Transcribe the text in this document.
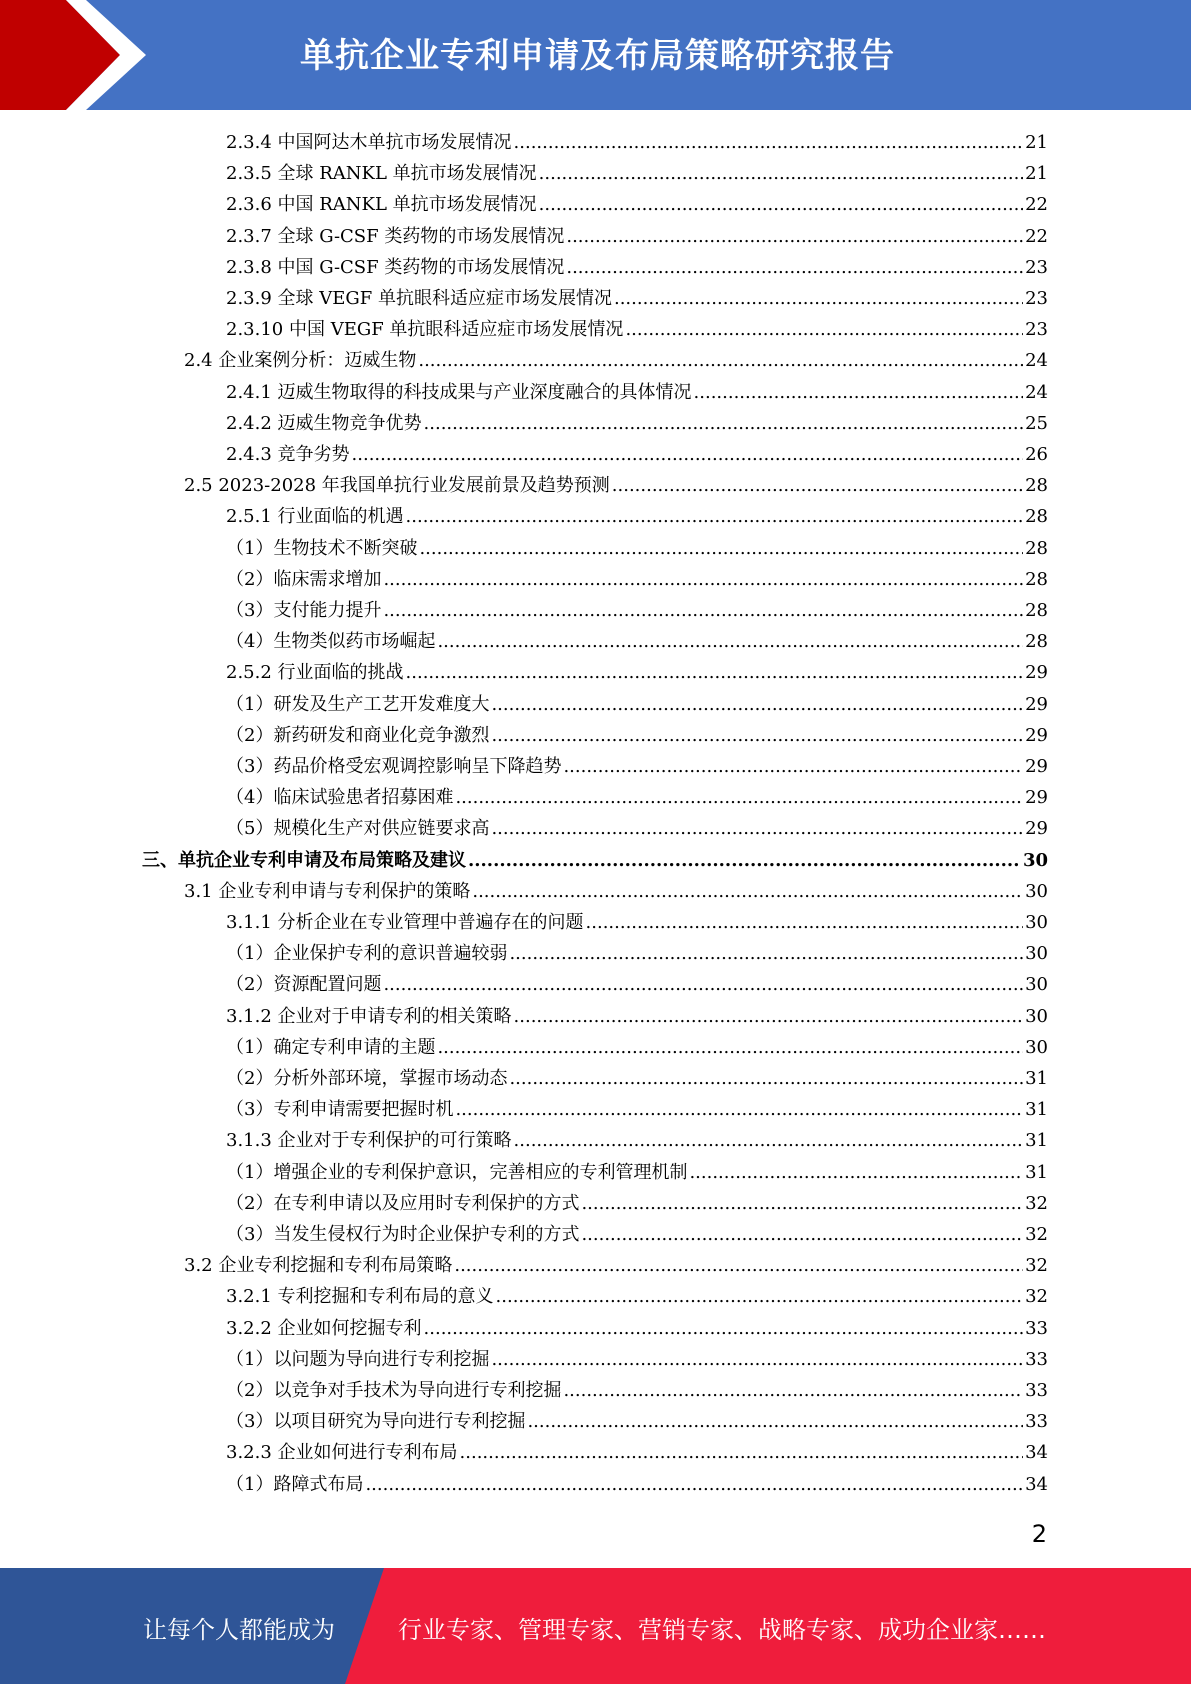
单抗企业专利申请及布局策略研究报告
2.3.4 中国阿达木单抗市场发展情况 .....	21
2.3.5 全球 RANKL 单抗市场发展情况 .....	21
2.3.6 中国 RANKL 单抗市场发展情况 .....	22
2.3.7 全球 G-CSF 类药物的市场发展情况 .....	22
2.3.8 中国 G-CSF 类药物的市场发展情况 .....	23
2.3.9 全球 VEGF 单抗眼科适应症市场发展情况 .....	23
2.3.10 中国 VEGF 单抗眼科适应症市场发展情况 .....	23
2.4 企业案例分析：迈威生物 .....	24
2.4.1 迈威生物取得的科技成果与产业深度融合的具体情况 .....	24
2.4.2 迈威生物竞争优势 .....	25
2.4.3 竞争劣势 .....	26
2.5 2023-2028 年我国单抗行业发展前景及趋势预测 .....	28
2.5.1 行业面临的机遇 .....	28
（1）生物技术不断突破 .....	28
（2）临床需求增加 .....	28
（3）支付能力提升 .....	28
（4）生物类似药市场崛起 .....	28
2.5.2 行业面临的挑战 .....	29
（1）研发及生产工艺开发难度大 .....	29
（2）新药研发和商业化竞争激烈 .....	29
（3）药品价格受宏观调控影响呈下降趋势 .....	29
（4）临床试验患者招募困难 .....	29
（5）规模化生产对供应链要求高 .....	29
三、单抗企业专利申请及布局策略及建议 .....	30
3.1 企业专利申请与专利保护的策略 .....	30
3.1.1 分析企业在专业管理中普遍存在的问题 .....	30
（1）企业保护专利的意识普遍较弱 .....	30
（2）资源配置问题 .....	30
3.1.2 企业对于申请专利的相关策略 .....	30
（1）确定专利申请的主题 .....	30
（2）分析外部环境，掌握市场动态 .....	31
（3）专利申请需要把握时机 .....	31
3.1.3 企业对于专利保护的可行策略 .....	31
（1）增强企业的专利保护意识，完善相应的专利管理机制 .....	31
（2）在专利申请以及应用时专利保护的方式 .....	32
（3）当发生侵权行为时企业保护专利的方式 .....	32
3.2 企业专利挖掘和专利布局策略 .....	32
3.2.1 专利挖掘和专利布局的意义 .....	32
3.2.2 企业如何挖掘专利 .....	33
（1）以问题为导向进行专利挖掘 .....	33
（2）以竞争对手技术为导向进行专利挖掘 .....	33
（3）以项目研究为导向进行专利挖掘 .....	33
3.2.3 企业如何进行专利布局 .....	34
（1）路障式布局 .....	34
2
让每个人都能成为	行业专家、管理专家、营销专家、战略专家、成功企业家……
